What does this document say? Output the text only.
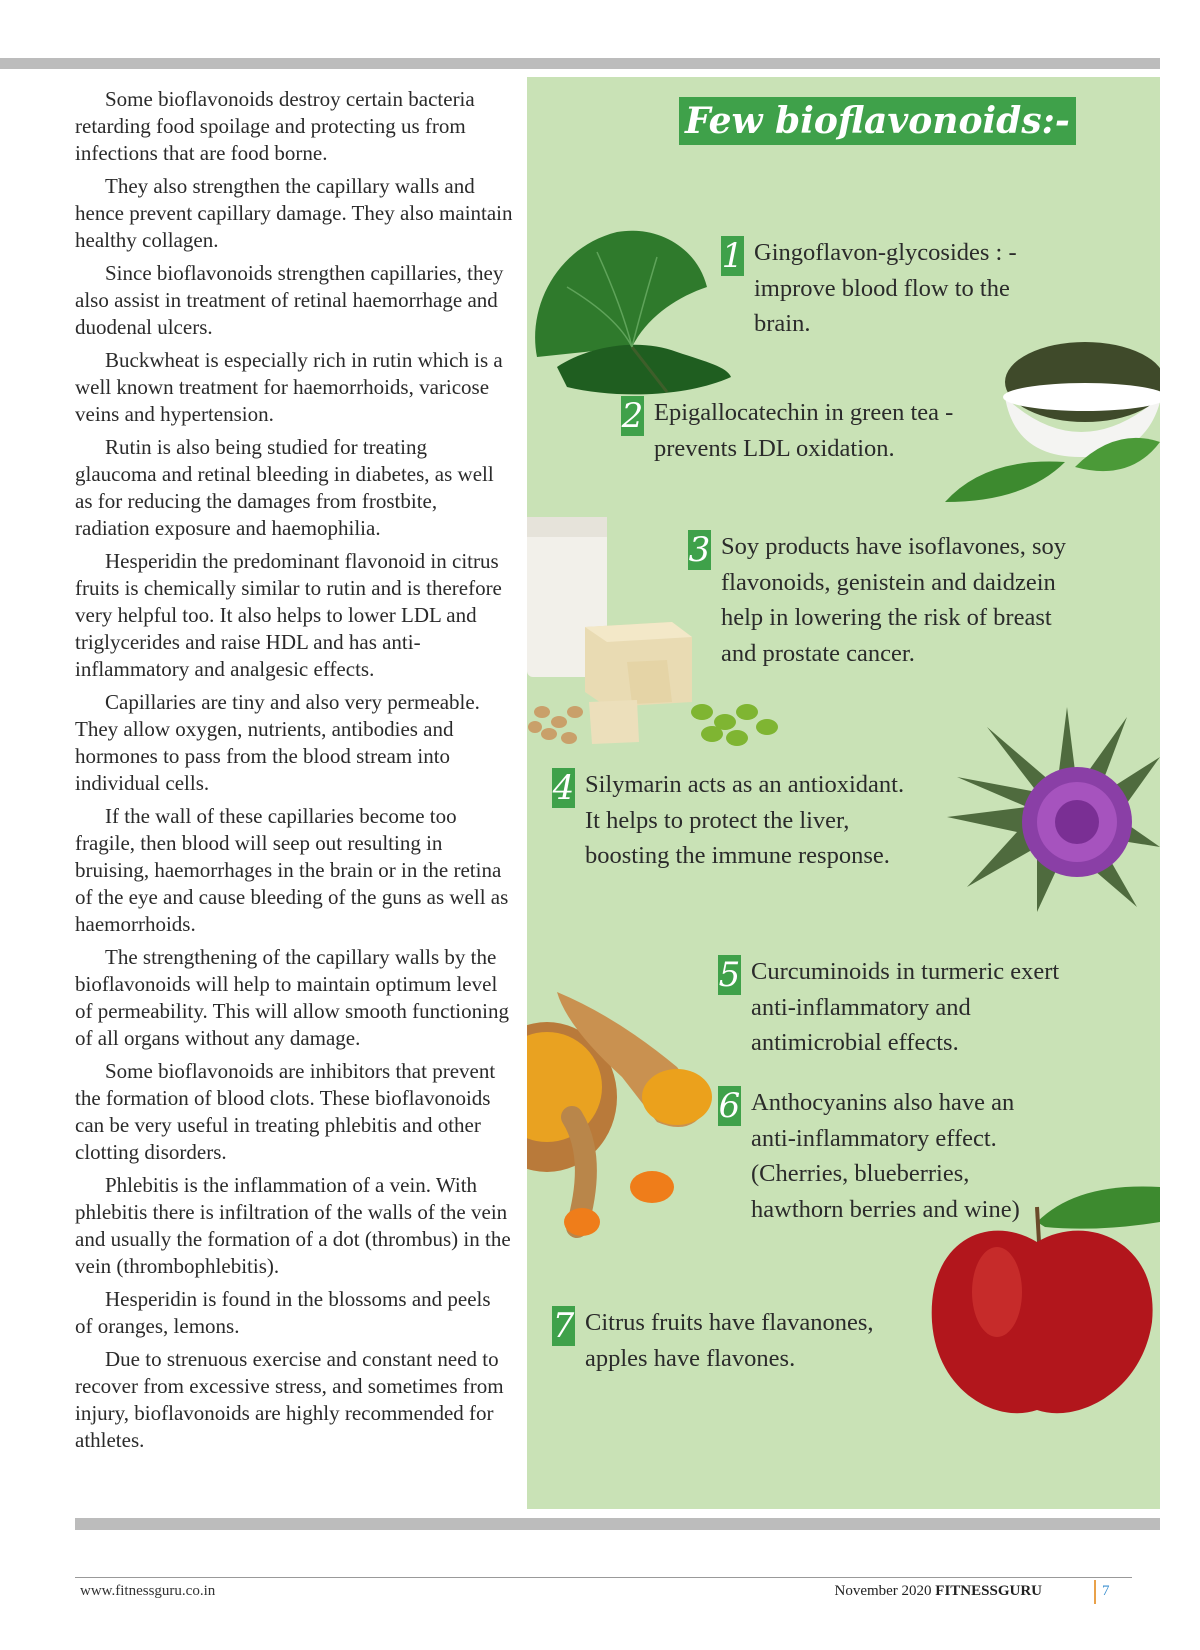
Some bioflavonoids destroy certain bacteria retarding food spoilage and protecting us from infections that are food borne.

They also strengthen the capillary walls and hence prevent capillary damage. They also maintain healthy collagen.

Since bioflavonoids strengthen capillaries, they also assist in treatment of retinal haemorrhage and duodenal ulcers.

Buckwheat is especially rich in rutin which is a well known treatment for haemorrhoids, varicose veins and hypertension.

Rutin is also being studied for treating glaucoma and retinal bleeding in diabetes, as well as for reducing the damages from frostbite, radiation exposure and haemophilia.

Hesperidin the predominant flavonoid in citrus fruits is chemically similar to rutin and is therefore very helpful too. It also helps to lower LDL and triglycerides and raise HDL and has anti-inflammatory and analgesic effects.

Capillaries are tiny and also very permeable. They allow oxygen, nutrients, antibodies and hormones to pass from the blood stream into individual cells.

If the wall of these capillaries become too fragile, then blood will seep out resulting in bruising, haemorrhages in the brain or in the retina of the eye and cause bleeding of the guns as well as haemorrhoids.

The strengthening of the capillary walls by the bioflavonoids will help to maintain optimum level of permeability. This will allow smooth functioning of all organs without any damage.

Some bioflavonoids are inhibitors that prevent the formation of blood clots. These bioflavonoids can be very useful in treating phlebitis and other clotting disorders.

Phlebitis is the inflammation of a vein. With phlebitis there is infiltration of the walls of the vein and usually the formation of a dot (thrombus) in the vein (thrombophlebitis).

Hesperidin is found in the blossoms and peels of oranges, lemons.

Due to strenuous exercise and constant need to recover from excessive stress, and sometimes from injury, bioflavonoids are highly recommended for athletes.

Few bioflavonoids:-
1 Gingoflavon-glycosides : - improve blood flow to the brain.
2 Epigallocatechin in green tea - prevents LDL oxidation.
3 Soy products have isoflavones, soy flavonoids, genistein and daidzein help in lowering the risk of breast and prostate cancer.
4 Silymarin acts as an antioxidant. It helps to protect the liver, boosting the immune response.
5 Curcuminoids in turmeric exert anti-inflammatory and antimicrobial effects.
6 Anthocyanins also have an anti-inflammatory effect. (Cherries, blueberries, hawthorn berries and wine)
7 Citrus fruits have flavanones, apples have flavones.
www.fitnessguru.co.in	November 2020 FITNESSGURU	7
